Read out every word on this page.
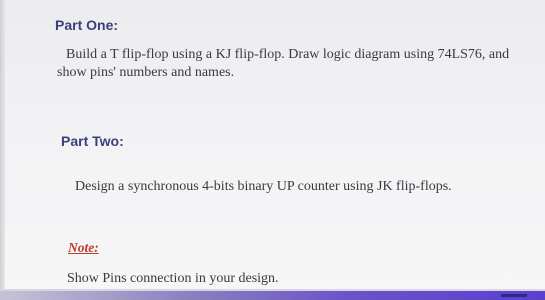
Part One:
Build a T flip-flop using a KJ flip-flop. Draw logic diagram using 74LS76, and
show pins' numbers and names.
Part Two:
Design a synchronous 4-bits binary UP counter using JK flip-flops.
Note:
Show Pins connection in your design.
